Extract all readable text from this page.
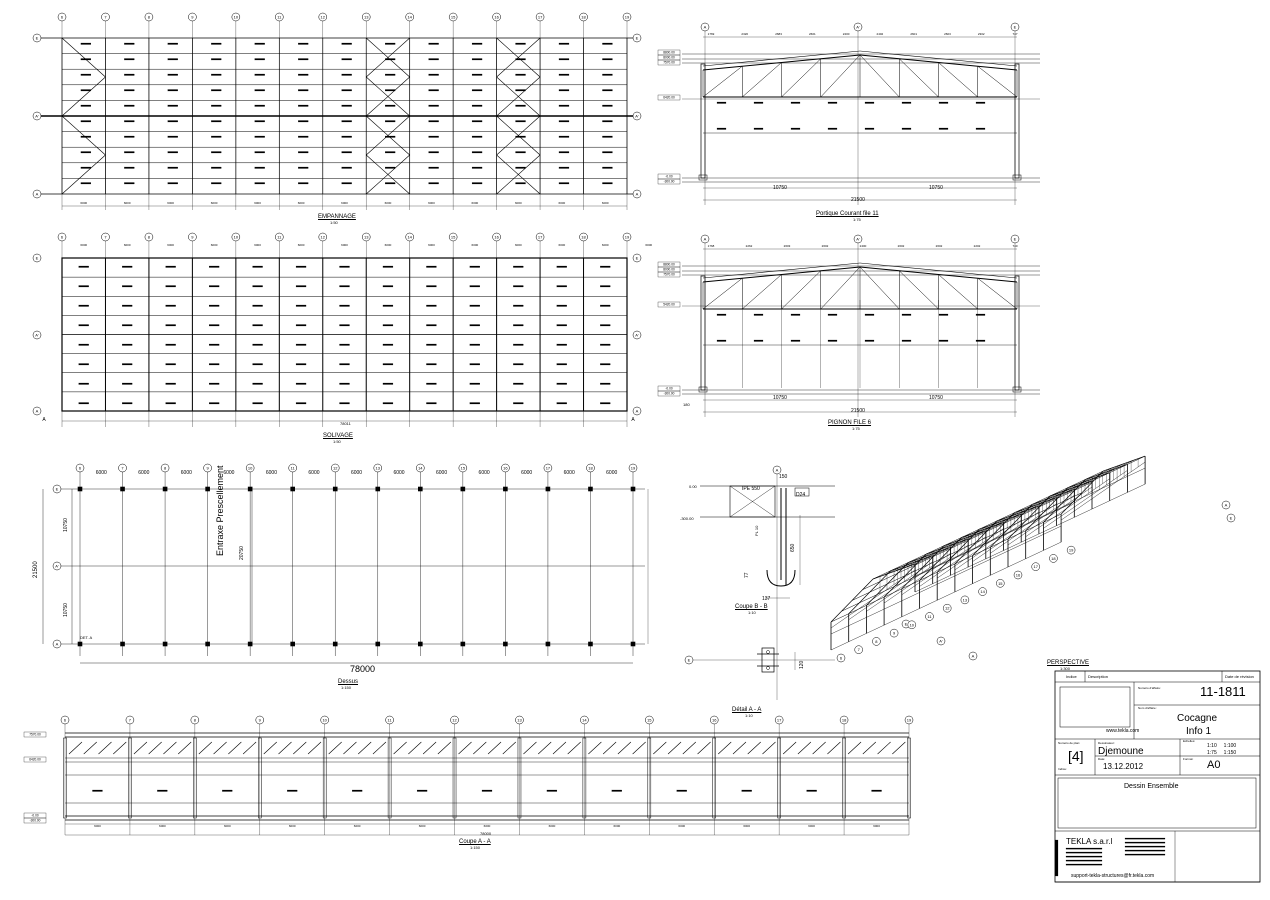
6	7	8	9	10	11	12	13	14	15	16	17	18	19
E	E
A'	A'
A	A
6000	6000	6000	6000	6000	6000	6000	6000	6000	6000	6000	6000	6000
6
6000
7
6000
8
6000
9
6000
10
6000
11
6000
12
6000
13
6000
14
6000
15
6000
16
6000
17
6000
18
6000
19
6000
E	E
A'	A'
A	A
A	A
A	A'	E
8800.00
8000.00
7570.00
6420.00
-0.00
-300.00
1769	2320	2683	2601	2400	2402	2601	2603	2302	747
A	A'	E
8800.00
8000.00
7570.00
5420.00
-0.00
-300.00
1768	2262	2603	2602	2400	2602	2602	2202	740
6	7	8	9	10	11	12	13	14	15	16	17	18	19
6000	6000	6000	6000	6000	6000	6000	6000	6000	6000	6000	6000	6000
E
A'
A
A
E
E
A'
A
6
7
8
9
10
11
12
13
14
15
16
17
18
19
A
E
6	7	8	9	10	11	12	13	14	15	16	17	18	19
6000	6000	6000	6000	6000	6000	6000	6000	6000	6000	6000	6000	6000
7570.00
6420.00
-0.00
-300.00
EMPANNAGE
1:50
Portique Courant file 11
1:75
SOLIVAGE
1:50
PIGNON FILE 6
1:75
Dessus
1:150
Coupe B - B
1:10
Détail A - A
1:10
PERSPECTIVE
1:300
Coupe A - A
1:150
78000
Entraxe Prescellement
21500
20750
10750
10750
DET. A
IPE 550
D24
150
650
137
77
0.00
-300.00
PL 10
120
21500
10750	10750
21500
10750	10750
180
78011
78000
Indice	Description	Date de révision
Numéro d'affaire:	11-1811
Nom d'affaire:
Cocagne
Info 1
www.tekla.com
Numéro de plan:
[4]
Dessinateur:
Djemoune
Date:
13.12.2012
Echelles:
1:10     1:100
1:75     1:150
Format: A0
Indice:
Dessin Ensemble
TEKLA s.a.r.l
support-tekla-structures@fr.tekla.com
